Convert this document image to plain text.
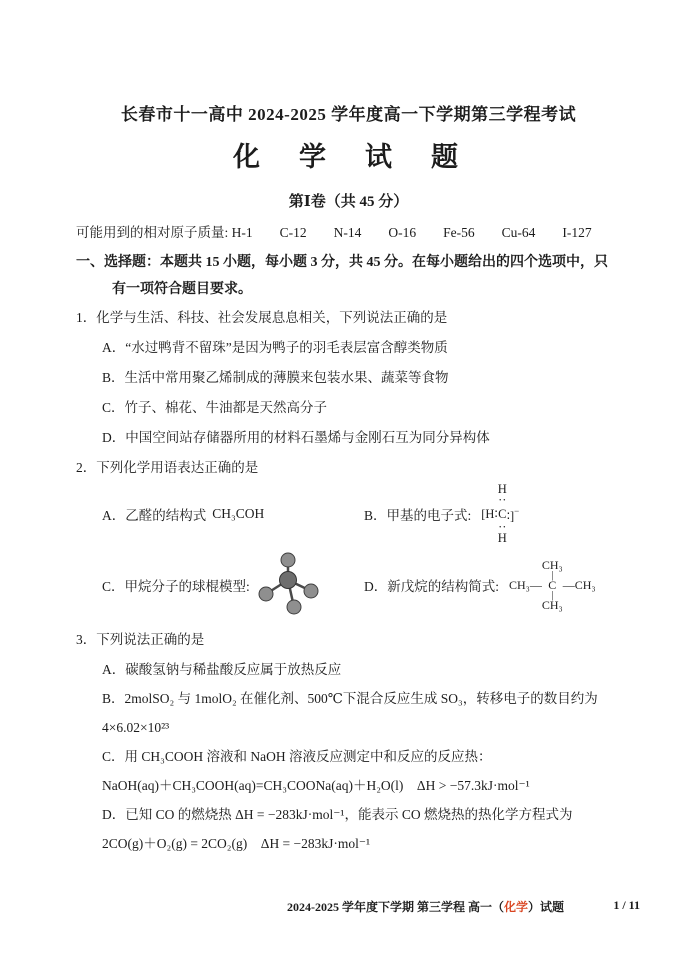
长春市十一高中 2024-2025 学年度高一下学期第三学程考试

化　学　试　题

第Ⅰ卷（共 45 分）

可能用到的相对原子质量: H-1　　C-12　　N-14　　O-16　　Fe-56　　Cu-64　　I-127

一、选择题：本题共 15 小题，每小题 3 分，共 45 分。在每小题给出的四个选项中，只
有一项符合题目要求。

1．化学与生活、科技、社会发展息息相关，下列说法正确的是

A．“水过鸭背不留珠”是因为鸭子的羽毛表层富含醇类物质

B．生活中常用聚乙烯制成的薄膜来包装水果、蔬菜等食物

C．竹子、棉花、牛油都是天然高分子

D．中国空间站存储器所用的材料石墨烯与金刚石互为同分异构体

2．下列化学用语表达正确的是

A．乙醛的结构式 CH₃COH	B．甲基的电子式:
H
··
[H∶ C ∶]−
··
H
C．甲烷分子的球棍模型:	D．新戊烷的结构简式:
CH₃
|
CH₃— C —CH₃
|
CH₃

3．下列说法正确的是

A．碳酸氢钠与稀盐酸反应属于放热反应

B．2molSO₂ 与 1molO₂ 在催化剂、500℃下混合反应生成 SO₃，转移电子的数目约为

4×6.02×10²³

C．用 CH₃COOH 溶液和 NaOH 溶液反应测定中和反应的反应热：

NaOH(aq)＋CH₃COOH(aq)=CH₃COONa(aq)＋H₂O(l)　ΔH > −57.3kJ·mol⁻¹

D．已知 CO 的燃烧热 ΔH = −283kJ·mol⁻¹，能表示 CO 燃烧热的热化学方程式为

2CO(g)＋O₂(g) = 2CO₂(g)　ΔH = −283kJ·mol⁻¹

2024-2025 学年度下学期 第三学程 高一（化学）试题	1 / 11
